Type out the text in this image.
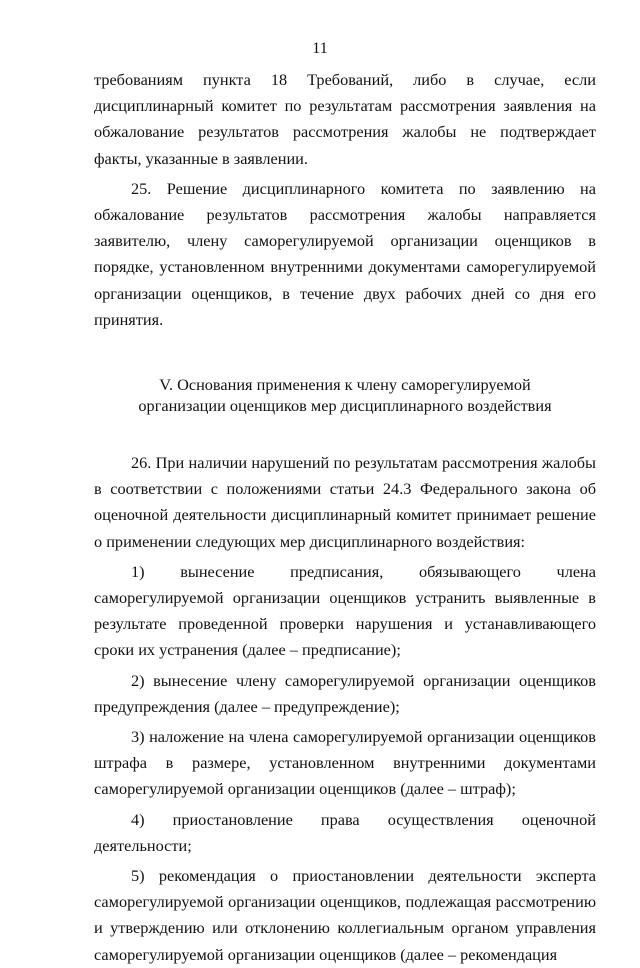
11

требованиям пункта 18 Требований, либо в случае, если дисциплинарный комитет по результатам рассмотрения заявления на обжалование результатов рассмотрения жалобы не подтверждает факты, указанные в заявлении.

25. Решение дисциплинарного комитета по заявлению на обжалование результатов рассмотрения жалобы направляется заявителю, члену саморегулируемой организации оценщиков в порядке, установленном внутренними документами саморегулируемой организации оценщиков, в течение двух рабочих дней со дня его принятия.

V. Основания применения к члену саморегулируемой
организации оценщиков мер дисциплинарного воздействия

26. При наличии нарушений по результатам рассмотрения жалобы в соответствии с положениями статьи 24.3 Федерального закона об оценочной деятельности дисциплинарный комитет принимает решение о применении следующих мер дисциплинарного воздействия:

1) вынесение предписания, обязывающего члена саморегулируемой организации оценщиков устранить выявленные в результате проведенной проверки нарушения и устанавливающего сроки их устранения (далее – предписание);

2) вынесение члену саморегулируемой организации оценщиков предупреждения (далее – предупреждение);

3) наложение на члена саморегулируемой организации оценщиков штрафа в размере, установленном внутренними документами саморегулируемой организации оценщиков (далее – штраф);

4) приостановление права осуществления оценочной деятельности;

5) рекомендация о приостановлении деятельности эксперта саморегулируемой организации оценщиков, подлежащая рассмотрению и утверждению или отклонению коллегиальным органом управления саморегулируемой организации оценщиков (далее – рекомендация
